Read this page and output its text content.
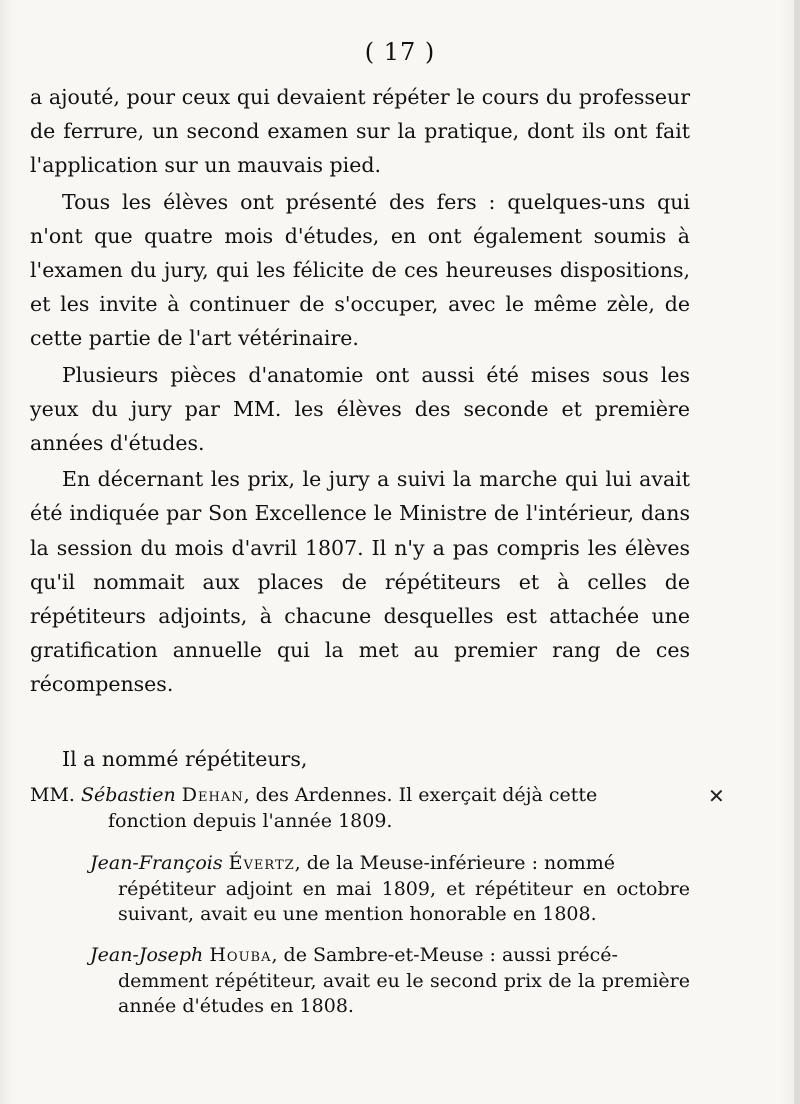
( 17 )

a ajouté, pour ceux qui devaient répéter le cours du professeur de ferrure, un second examen sur la pratique, dont ils ont fait l'application sur un mauvais pied.

Tous les élèves ont présenté des fers : quelques-uns qui n'ont que quatre mois d'études, en ont également soumis à l'examen du jury, qui les félicite de ces heureuses dispositions, et les invite à continuer de s'occuper, avec le même zèle, de cette partie de l'art vétérinaire.

Plusieurs pièces d'anatomie ont aussi été mises sous les yeux du jury par MM. les élèves des seconde et première années d'études.

En décernant les prix, le jury a suivi la marche qui lui avait été indiquée par Son Excellence le Ministre de l'intérieur, dans la session du mois d'avril 1807. Il n'y a pas compris les élèves qu'il nommait aux places de répétiteurs et à celles de répétiteurs adjoints, à chacune desquelles est attachée une gratification annuelle qui la met au premier rang de ces récompenses.

Il a nommé répétiteurs,

MM. Sébastien Dehan, des Ardennes. Il exerçait déjà cette

fonction depuis l'année 1809.

✕

Jean-François Évertz, de la Meuse-inférieure : nommé

répétiteur adjoint en mai 1809, et répétiteur en octobre suivant, avait eu une mention honorable en 1808.

Jean-Joseph Houba, de Sambre-et-Meuse : aussi précé-

demment répétiteur, avait eu le second prix de la première année d'études en 1808.
